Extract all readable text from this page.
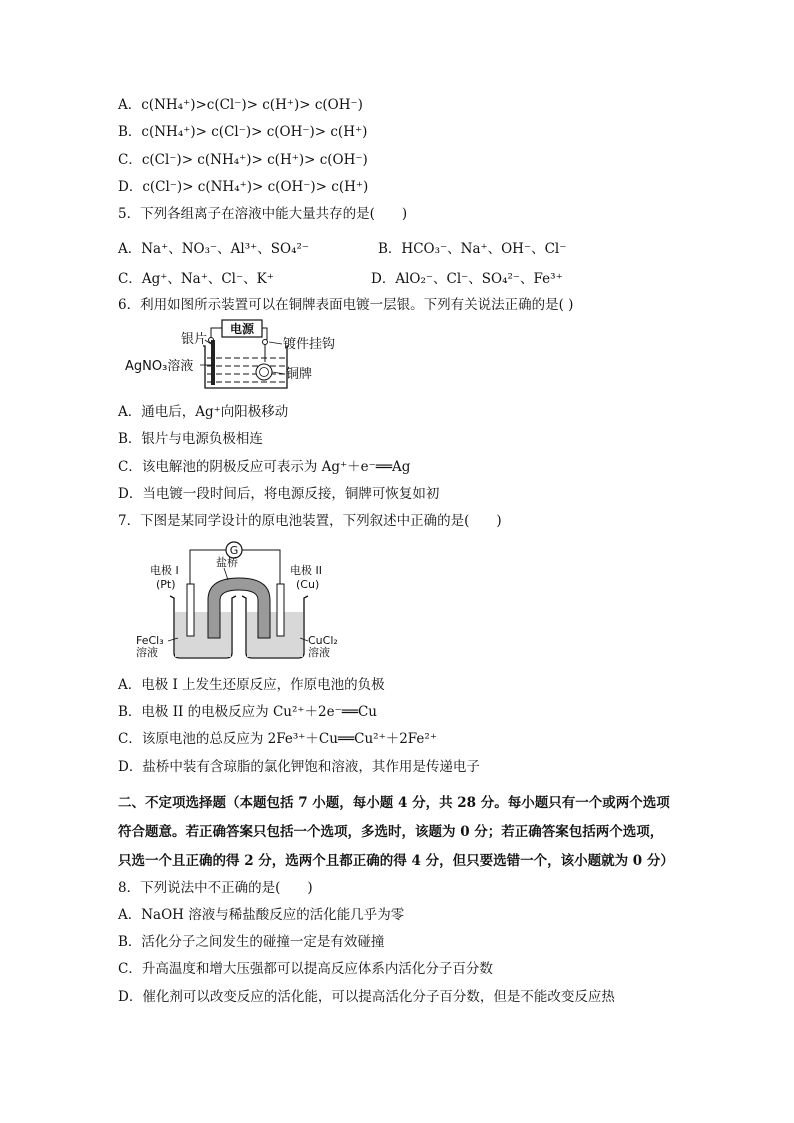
A．c(NH₄⁺)>c(Cl⁻)> c(H⁺)> c(OH⁻)
B．c(NH₄⁺)> c(Cl⁻)> c(OH⁻)> c(H⁺)
C．c(Cl⁻)> c(NH₄⁺)> c(H⁺)> c(OH⁻)
D．c(Cl⁻)> c(NH₄⁺)> c(OH⁻)> c(H⁺)
5．下列各组离子在溶液中能大量共存的是(　　)
A．Na⁺、NO₃⁻、Al³⁺、SO₄²⁻	B．HCO₃⁻、Na⁺、OH⁻、Cl⁻
C．Ag⁺、Na⁺、Cl⁻、K⁺	D．AlO₂⁻、Cl⁻、SO₄²⁻、Fe³⁺
6．利用如图所示装置可以在铜牌表面电镀一层银。下列有关说法正确的是( )
电源
银片
AgNO₃溶液
镀件挂钩
铜牌
A．通电后，Ag⁺向阳极移动
B．银片与电源负极相连
C．该电解池的阴极反应可表示为 Ag⁺＋e⁻══Ag
D．当电镀一段时间后，将电源反接，铜牌可恢复如初
7．下图是某同学设计的原电池装置，下列叙述中正确的是(　　)
G
盐桥
电极 I
(Pt)
电极 II
(Cu)
FeCl₃
溶液
CuCl₂
溶液
A．电极 I 上发生还原反应，作原电池的负极
B．电极 II 的电极反应为 Cu²⁺＋2e⁻══Cu
C．该原电池的总反应为 2Fe³⁺＋Cu══Cu²⁺＋2Fe²⁺
D．盐桥中装有含琼脂的氯化钾饱和溶液，其作用是传递电子
二、不定项选择题（本题包括 7 小题，每小题 4 分，共 28 分。每小题只有一个或两个选项
符合题意。若正确答案只包括一个选项，多选时，该题为 0 分；若正确答案包括两个选项，
只选一个且正确的得 2 分，选两个且都正确的得 4 分，但只要选错一个，该小题就为 0 分）
8．下列说法中不正确的是(　　)
A．NaOH 溶液与稀盐酸反应的活化能几乎为零
B．活化分子之间发生的碰撞一定是有效碰撞
C．升高温度和增大压强都可以提高反应体系内活化分子百分数
D．催化剂可以改变反应的活化能，可以提高活化分子百分数，但是不能改变反应热
